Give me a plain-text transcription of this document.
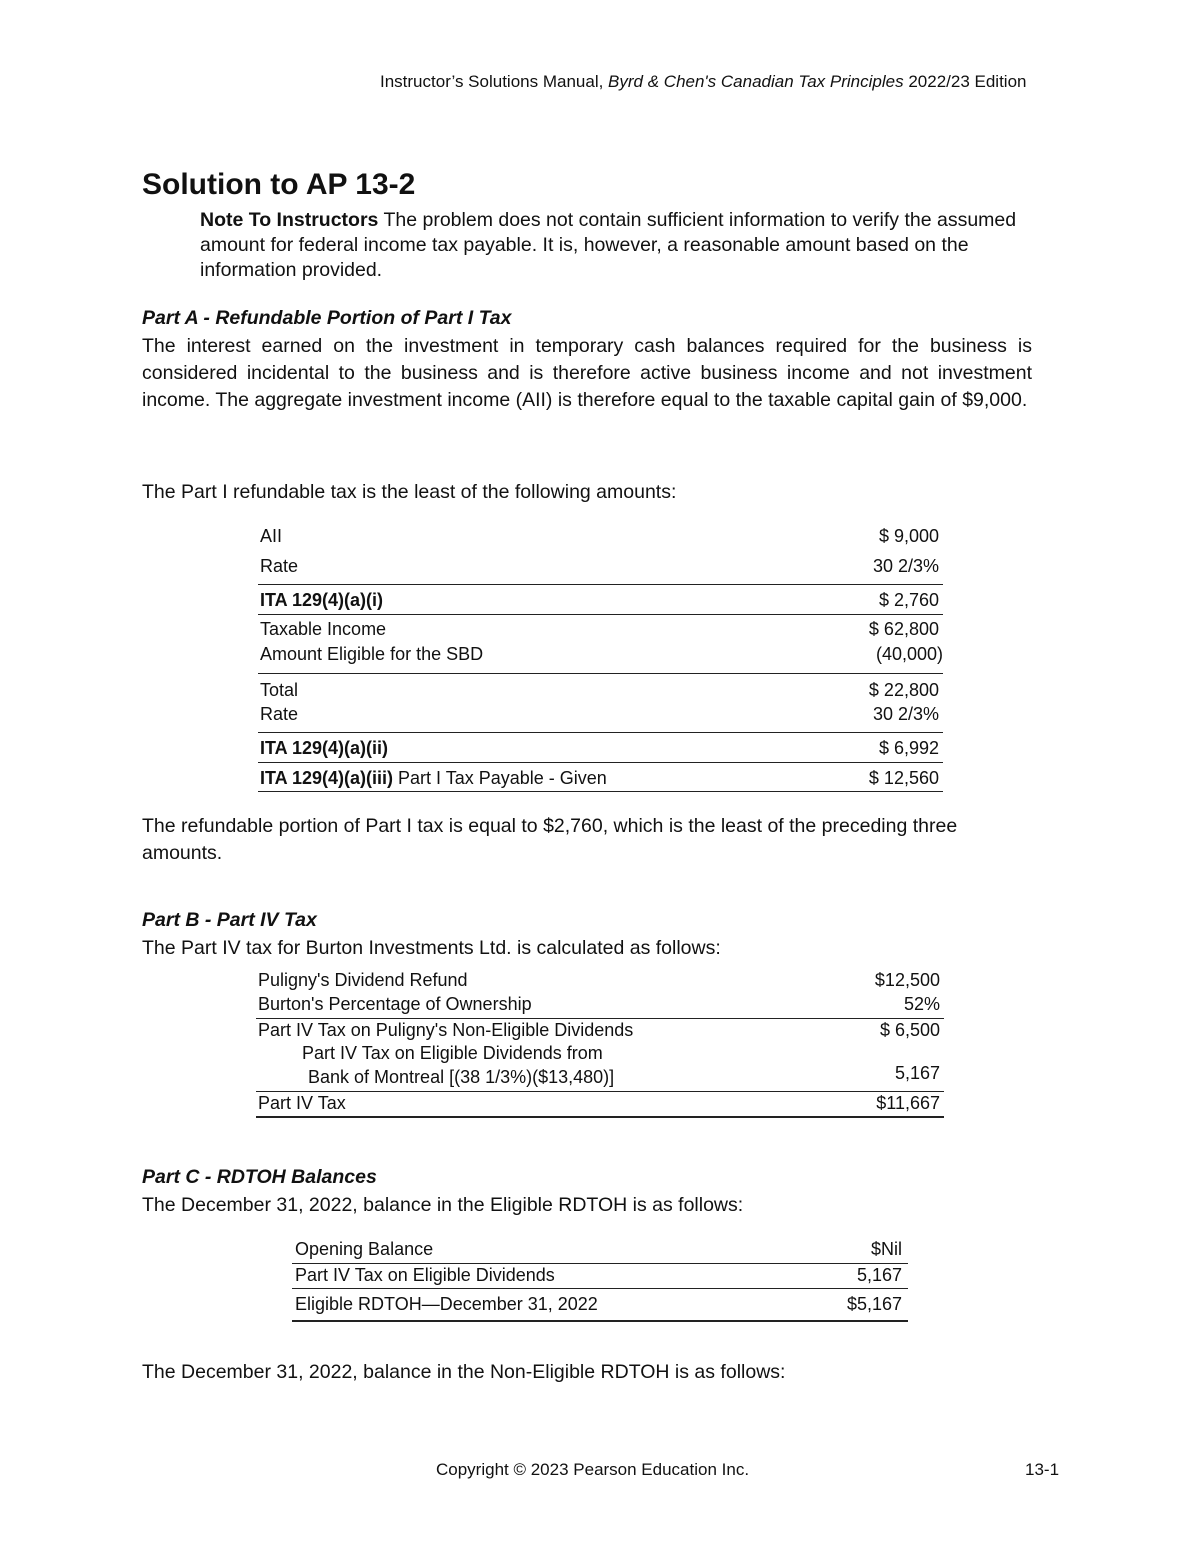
Instructor’s Solutions Manual, Byrd & Chen's Canadian Tax Principles 2022/23 Edition
Solution to AP 13-2
Note To Instructors The problem does not contain sufficient information to verify the assumed amount for federal income tax payable. It is, however, a reasonable amount based on the information provided.
Part A - Refundable Portion of Part I Tax
The interest earned on the investment in temporary cash balances required for the business is considered incidental to the business and is therefore active business income and not investment income. The aggregate investment income (AII) is therefore equal to the taxable capital gain of $9,000.
The Part I refundable tax is the least of the following amounts:
AII	$ 9,000
Rate	30 2/3%
ITA 129(4)(a)(i)	$ 2,760
Taxable Income	$ 62,800
Amount Eligible for the SBD	(40,000)
Total	$ 22,800
Rate	30 2/3%
ITA 129(4)(a)(ii)	$ 6,992
ITA 129(4)(a)(iii) Part I Tax Payable - Given	$ 12,560
The refundable portion of Part I tax is equal to $2,760, which is the least of the preceding three amounts.
Part B - Part IV Tax
The Part IV tax for Burton Investments Ltd. is calculated as follows:
Puligny's Dividend Refund	$12,500
Burton's Percentage of Ownership	52%
Part IV Tax on Puligny's Non-Eligible Dividends	$ 6,500
Part IV Tax on Eligible Dividends from
Bank of Montreal [(38 1/3%)($13,480)]	5,167
Part IV Tax	$11,667
Part C - RDTOH Balances
The December 31, 2022, balance in the Eligible RDTOH is as follows:
Opening Balance	$Nil
Part IV Tax on Eligible Dividends	5,167
Eligible RDTOH—December 31, 2022	$5,167
The December 31, 2022, balance in the Non-Eligible RDTOH is as follows:
Copyright © 2023 Pearson Education Inc.	13-1
